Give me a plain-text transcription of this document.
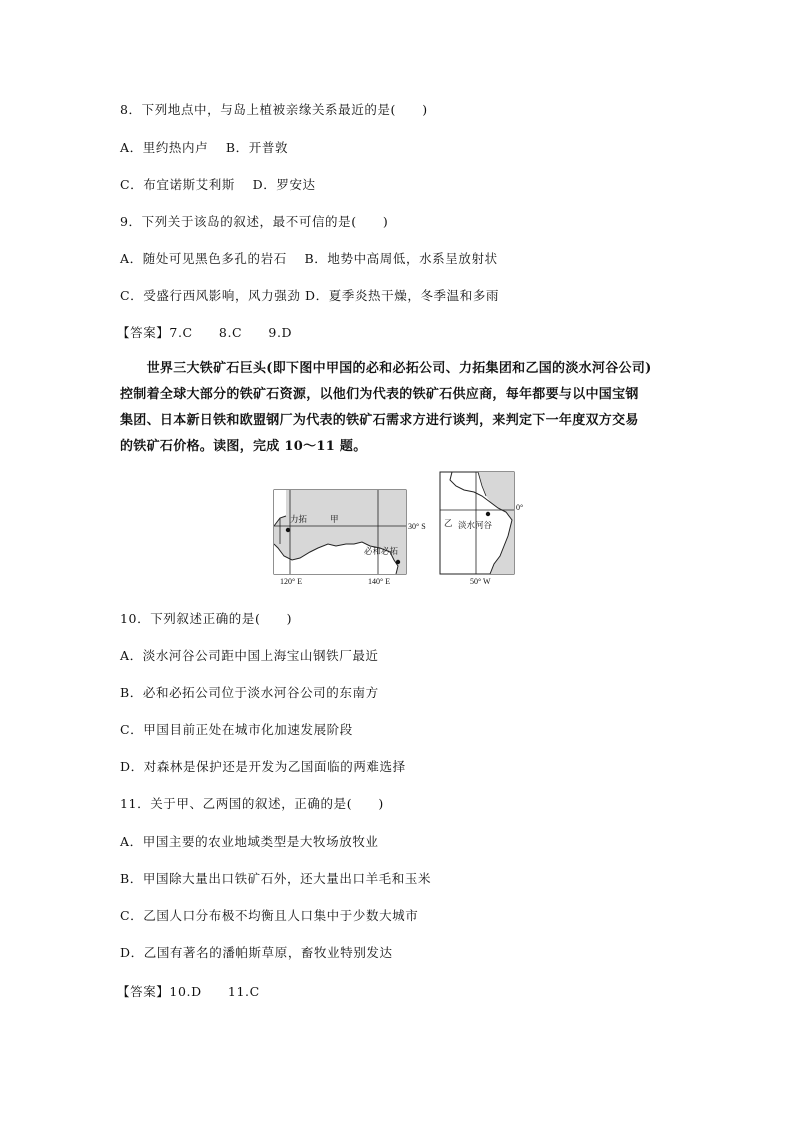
8．下列地点中，与岛上植被亲缘关系最近的是(　　)
A．里约热内卢　 B．开普敦
C．布宜诺斯艾利斯　 D．罗安达
9．下列关于该岛的叙述，最不可信的是(　　)
A．随处可见黑色多孔的岩石　 B．地势中高周低，水系呈放射状
C．受盛行西风影响，风力强劲 D．夏季炎热干燥，冬季温和多雨
【答案】7.C　　8.C　　9.D
　　世界三大铁矿石巨头(即下图中甲国的必和必拓公司、力拓集团和乙国的淡水河谷公司)
控制着全球大部分的铁矿石资源，以他们为代表的铁矿石供应商，每年都要与以中国宝钢
集团、日本新日铁和欧盟钢厂为代表的铁矿石需求方进行谈判，来判定下一年度双方交易
的铁矿石价格。读图，完成 10～11 题。
力拓	甲
必和必拓
30° S
120° E	140° E
乙 淡水河谷
0°
50° W
10．下列叙述正确的是(　　)
A．淡水河谷公司距中国上海宝山钢铁厂最近
B．必和必拓公司位于淡水河谷公司的东南方
C．甲国目前正处在城市化加速发展阶段
D．对森林是保护还是开发为乙国面临的两难选择
11．关于甲、乙两国的叙述，正确的是(　　)
A．甲国主要的农业地域类型是大牧场放牧业
B．甲国除大量出口铁矿石外，还大量出口羊毛和玉米
C．乙国人口分布极不均衡且人口集中于少数大城市
D．乙国有著名的潘帕斯草原，畜牧业特别发达
【答案】10.D　　11.C
